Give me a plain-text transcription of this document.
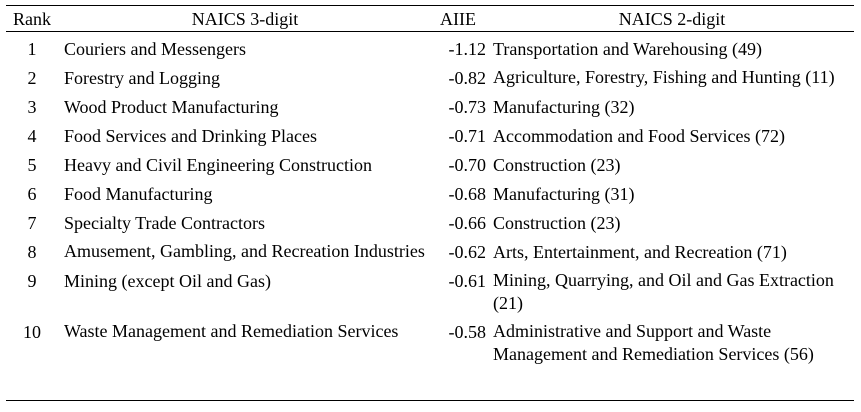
Rank	NAICS 3-digit	AIIE	NAICS 2-digit
1	Couriers and Messengers	-1.12	Transportation and Warehousing (49)
2	Forestry and Logging	-0.82	Agriculture, Forestry, Fishing and Hunting (11)
3	Wood Product Manufacturing	-0.73	Manufacturing (32)
4	Food Services and Drinking Places	-0.71	Accommodation and Food Services (72)
5	Heavy and Civil Engineering Construction	-0.70	Construction (23)
6	Food Manufacturing	-0.68	Manufacturing (31)
7	Specialty Trade Contractors	-0.66	Construction (23)
8	Amusement, Gambling, and Recreation Industries	-0.62	Arts, Entertainment, and Recreation (71)
9	Mining (except Oil and Gas)	-0.61	Mining, Quarrying, and Oil and Gas Extraction (21)
10	Waste Management and Remediation Services	-0.58	Administrative and Support and Waste Management and Remediation Services (56)
